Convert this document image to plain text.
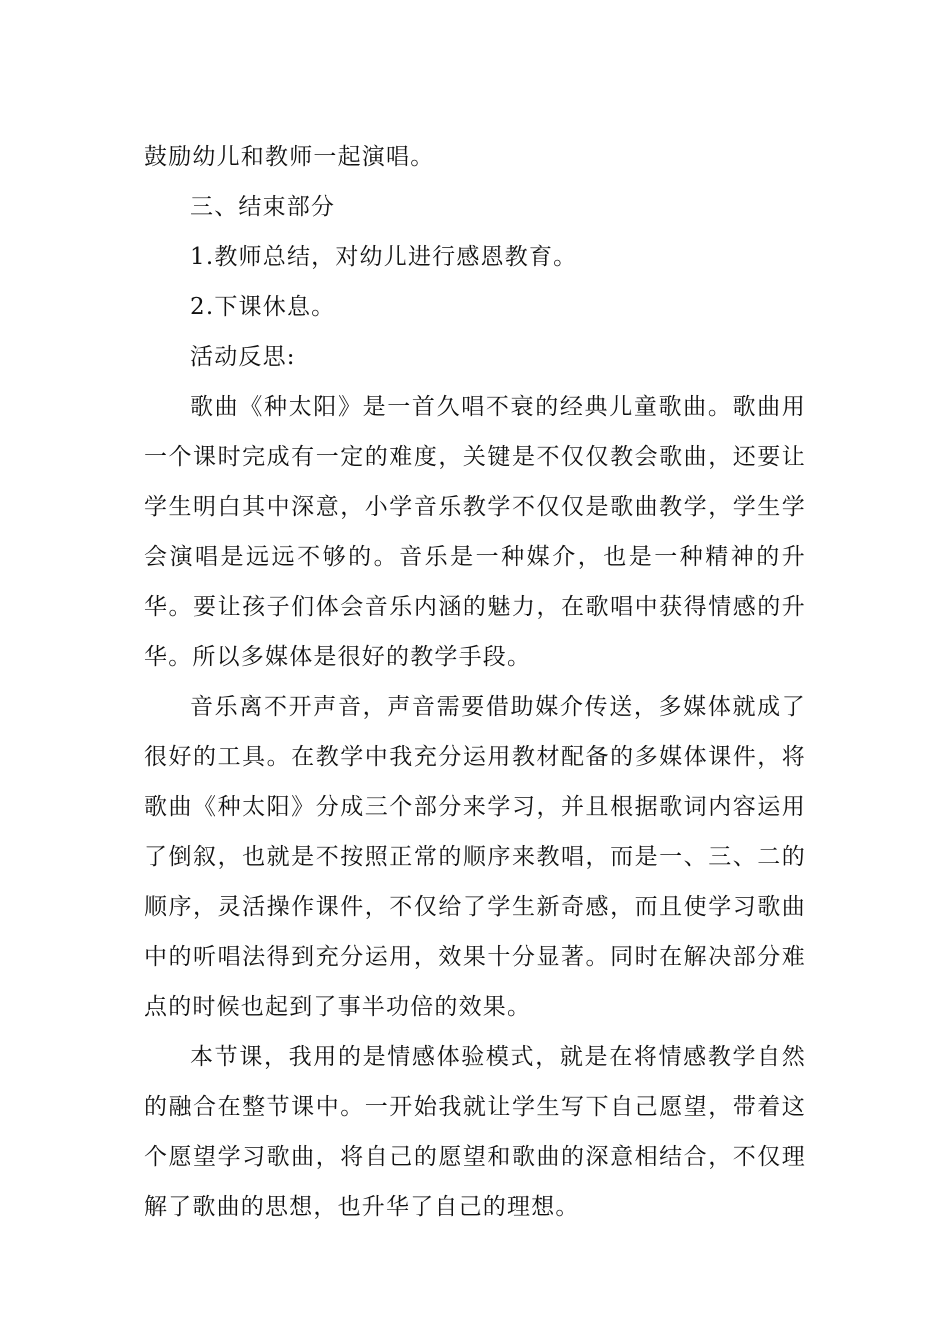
鼓励幼儿和教师一起演唱。

三、结束部分

1.教师总结，对幼儿进行感恩教育。

2.下课休息。

活动反思:

歌曲《种太阳》是一首久唱不衰的经典儿童歌曲。歌曲用一个课时完成有一定的难度，关键是不仅仅教会歌曲，还要让学生明白其中深意，小学音乐教学不仅仅是歌曲教学，学生学会演唱是远远不够的。音乐是一种媒介，也是一种精神的升华。要让孩子们体会音乐内涵的魅力，在歌唱中获得情感的升华。所以多媒体是很好的教学手段。

音乐离不开声音，声音需要借助媒介传送，多媒体就成了很好的工具。在教学中我充分运用教材配备的多媒体课件，将歌曲《种太阳》分成三个部分来学习，并且根据歌词内容运用了倒叙，也就是不按照正常的顺序来教唱，而是一、三、二的顺序，灵活操作课件，不仅给了学生新奇感，而且使学习歌曲中的听唱法得到充分运用，效果十分显著。同时在解决部分难点的时候也起到了事半功倍的效果。

本节课，我用的是情感体验模式，就是在将情感教学自然的融合在整节课中。一开始我就让学生写下自己愿望，带着这个愿望学习歌曲，将自己的愿望和歌曲的深意相结合，不仅理解了歌曲的思想，也升华了自己的理想。
